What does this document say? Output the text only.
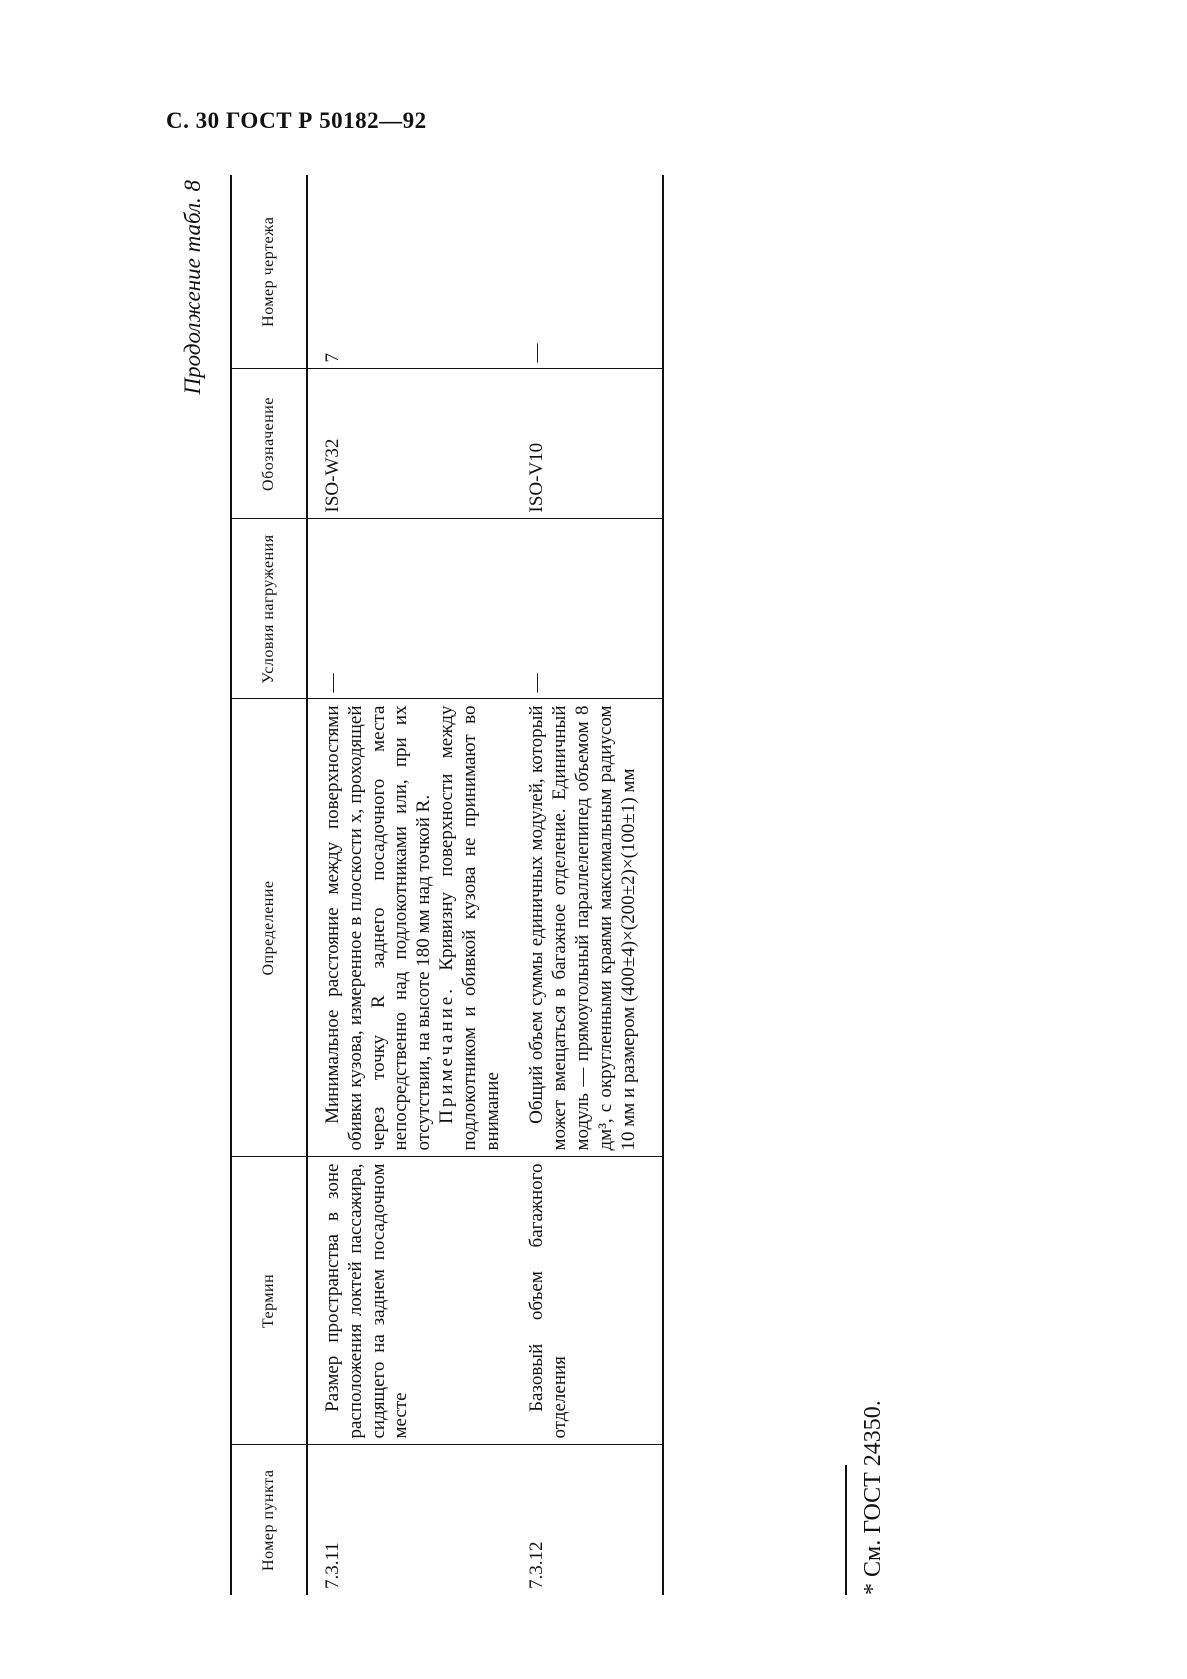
С. 30 ГОСТ Р 50182—92
Продолжение табл. 8
Номер пункта	Термин	Определение	Условия нагружения	Обозначение	Номер чертежа
7.3.11	Размер пространства в зоне расположения локтей пассажира, сидящего на заднем посадочном месте	Минимальное расстояние между поверхностями обивки кузова, измеренное в плоскости x, проходящей через точку R заднего посадочного места непосредственно над подлокотниками или, при их отсутствии, на высоте 180 мм над точкой R. Примечание. Кривизну поверхности между подлокотником и обивкой кузова не принимают во внимание	—	ISO-W32	7
7.3.12	Базовый объем багажного отделения	Общий объем суммы единичных модулей, который может вмещаться в багажное отделение. Единичный модуль — прямоугольный параллелепипед объемом 8 дм³, с округленными краями максимальным радиусом 10 мм и размером (400±4)×(200±2)×(100±1) мм	—	ISO-V10	—
* См. ГОСТ 24350.
